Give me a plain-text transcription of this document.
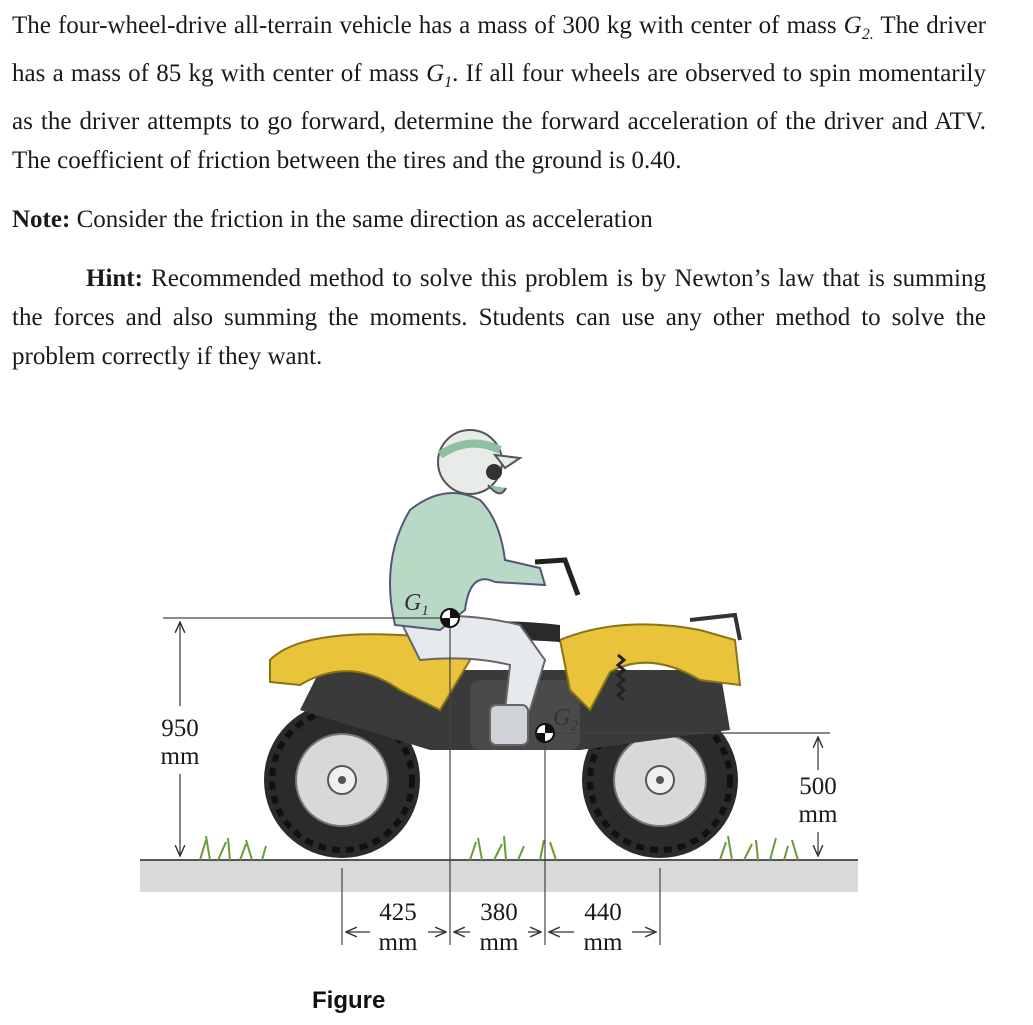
The four-wheel-drive all-terrain vehicle has a mass of 300 kg with center of mass $G_{2.}$ The driver has a mass of 85 kg with center of mass $G_1$. If all four wheels are observed to spin momentarily as the driver attempts to go forward, determine the forward acceleration of the driver and ATV. The coefficient of friction between the tires and the ground is 0.40.

Note: Consider the friction in the same direction as acceleration

Hint: Recommended method to solve this problem is by Newton’s law that is summing the forces and also summing the moments. Students can use any other method to solve the problem correctly if they want.

$G_1$
$G_2$
950
mm
500
mm
425
mm
380
mm
440
mm
Figure
